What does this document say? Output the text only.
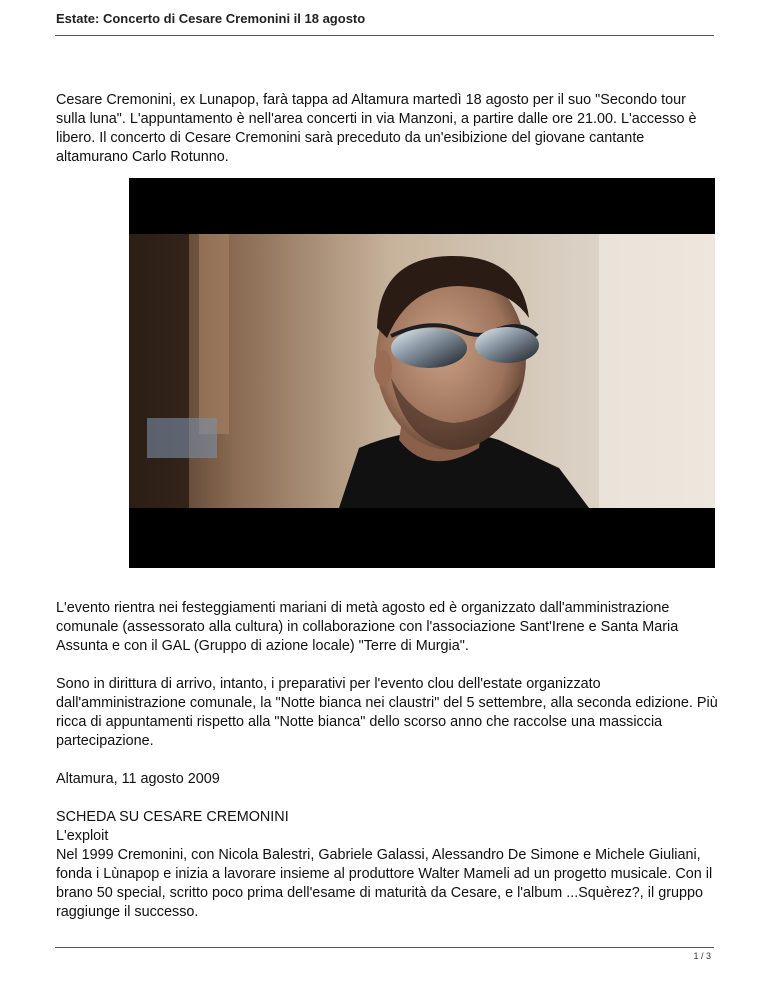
Estate: Concerto di Cesare Cremonini il 18 agosto

Cesare Cremonini, ex Lunapop, farà tappa ad Altamura martedì 18 agosto per il suo "Secondo tour sulla luna". L'appuntamento è nell'area concerti in via Manzoni, a partire dalle ore 21.00. L'accesso è libero. Il concerto di Cesare Cremonini sarà preceduto da un'esibizione del giovane cantante altamurano Carlo Rotunno.

L'evento rientra nei festeggiamenti mariani di metà agosto ed è organizzato dall'amministrazione comunale (assessorato alla cultura) in collaborazione con l'associazione Sant'Irene e Santa Maria Assunta e con il GAL (Gruppo di azione locale) "Terre di Murgia".

Sono in dirittura di arrivo, intanto, i preparativi per l'evento clou dell'estate organizzato dall'amministrazione comunale, la "Notte bianca nei claustri" del 5 settembre, alla seconda edizione. Più ricca di appuntamenti rispetto alla "Notte bianca" dello scorso anno che raccolse una massiccia partecipazione.

Altamura, 11 agosto 2009

SCHEDA SU CESARE CREMONINI

L'exploit

Nel 1999 Cremonini, con Nicola Balestri, Gabriele Galassi, Alessandro De Simone e Michele Giuliani, fonda i Lùnapop e inizia a lavorare insieme al produttore Walter Mameli ad un progetto musicale. Con il brano 50 special, scritto poco prima dell'esame di maturità da Cesare, e l'album ...Squèrez?, il gruppo raggiunge il successo.

1 / 3
